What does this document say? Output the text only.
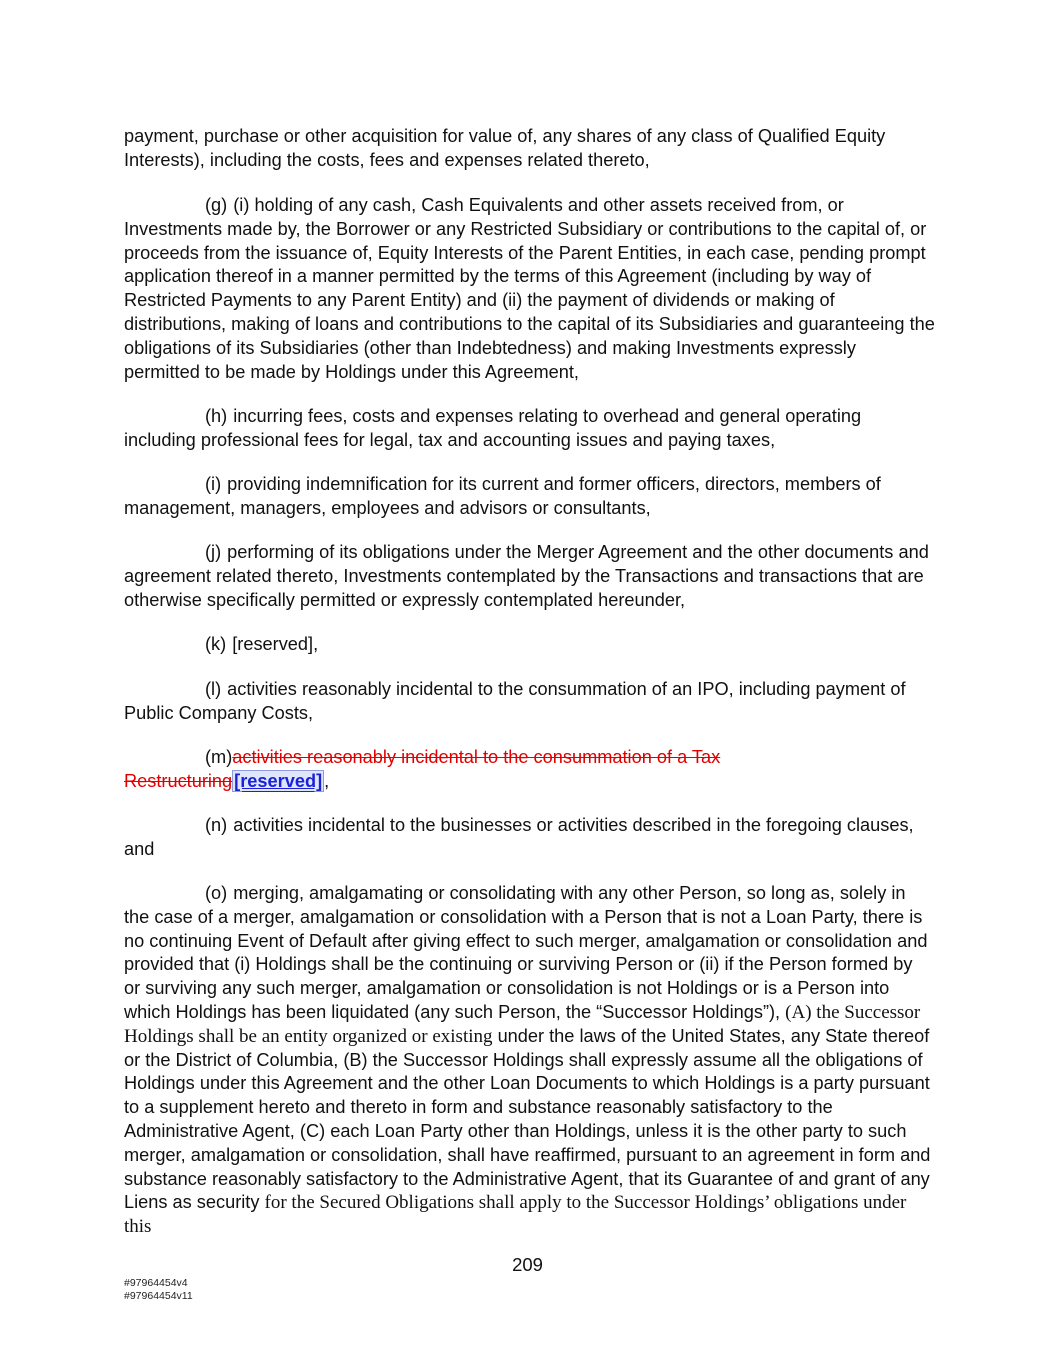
payment, purchase or other acquisition for value of, any shares of any class of Qualified Equity Interests), including the costs, fees and expenses related thereto,

(g) (i) holding of any cash, Cash Equivalents and other assets received from, or Investments made by, the Borrower or any Restricted Subsidiary or contributions to the capital of, or proceeds from the issuance of, Equity Interests of the Parent Entities, in each case, pending prompt application thereof in a manner permitted by the terms of this Agreement (including by way of Restricted Payments to any Parent Entity) and (ii) the payment of dividends or making of distributions, making of loans and contributions to the capital of its Subsidiaries and guaranteeing the obligations of its Subsidiaries (other than Indebtedness) and making Investments expressly permitted to be made by Holdings under this Agreement,

(h) incurring fees, costs and expenses relating to overhead and general operating including professional fees for legal, tax and accounting issues and paying taxes,

(i) providing indemnification for its current and former officers, directors, members of management, managers, employees and advisors or consultants,

(j) performing of its obligations under the Merger Agreement and the other documents and agreement related thereto, Investments contemplated by the Transactions and transactions that are otherwise specifically permitted or expressly contemplated hereunder,

(k) [reserved],

(l) activities reasonably incidental to the consummation of an IPO, including payment of Public Company Costs,

(m)activities reasonably incidental to the consummation of a Tax
Restructuring [reserved] ,

(n) activities incidental to the businesses or activities described in the foregoing clauses, and

(o) merging, amalgamating or consolidating with any other Person, so long as, solely in the case of a merger, amalgamation or consolidation with a Person that is not a Loan Party, there is no continuing Event of Default after giving effect to such merger, amalgamation or consolidation and provided that (i) Holdings shall be the continuing or surviving Person or (ii) if the Person formed by or surviving any such merger, amalgamation or consolidation is not Holdings or is a Person into which Holdings has been liquidated (any such Person, the “Successor Holdings”), (A) the Successor Holdings shall be an entity organized or existing under the laws of the United States, any State thereof or the District of Columbia, (B) the Successor Holdings shall expressly assume all the obligations of Holdings under this Agreement and the other Loan Documents to which Holdings is a party pursuant to a supplement hereto and thereto in form and substance reasonably satisfactory to the Administrative Agent, (C) each Loan Party other than Holdings, unless it is the other party to such merger, amalgamation or consolidation, shall have reaffirmed, pursuant to an agreement in form and substance reasonably satisfactory to the Administrative Agent, that its Guarantee of and grant of any Liens as security for the Secured Obligations shall apply to the Successor Holdings’ obligations under this

209
#97964454v4
#97964454v11
